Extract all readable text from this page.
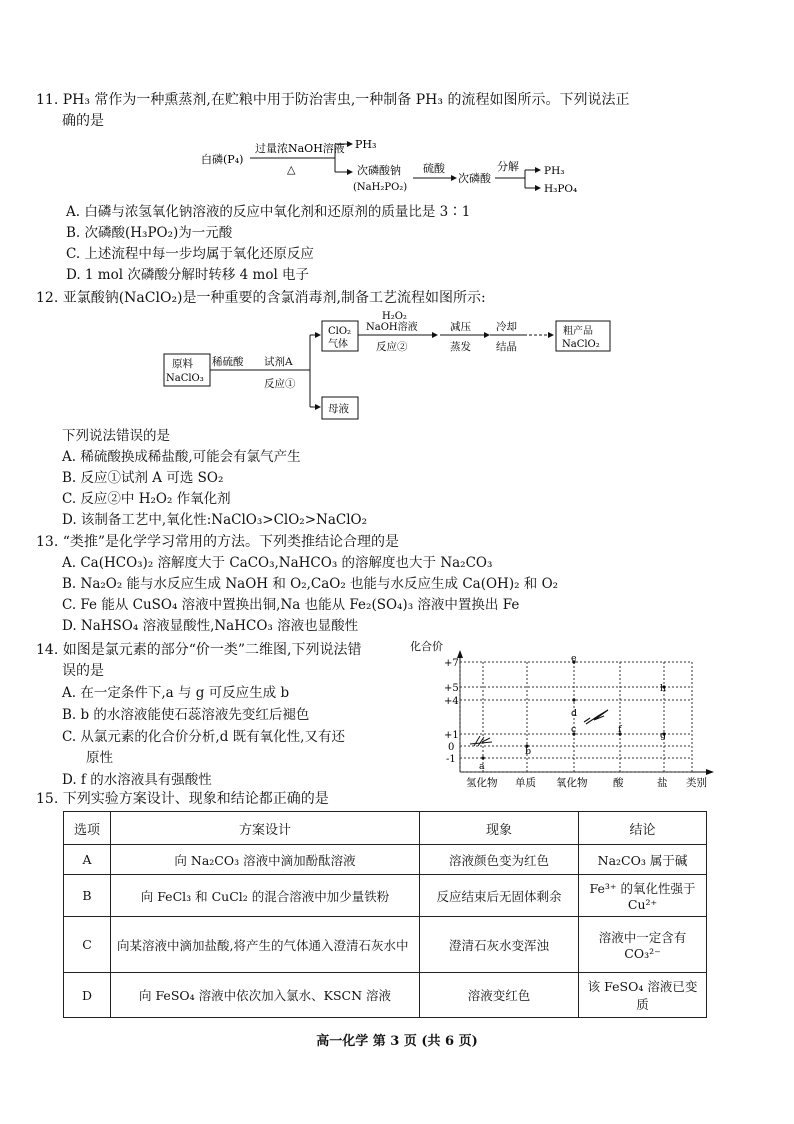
11. PH₃ 常作为一种熏蒸剂,在贮粮中用于防治害虫,一种制备 PH₃ 的流程如图所示。下列说法正
确的是
白磷(P₄)
过量浓NaOH溶液
△
PH₃
次磷酸钠
(NaH₂PO₂)
硫酸
次磷酸
分解 PH₃
H₃PO₄
A. 白磷与浓氢氧化钠溶液的反应中氧化剂和还原剂的质量比是 3∶1
B. 次磷酸(H₃PO₂)为一元酸
C. 上述流程中每一步均属于氧化还原反应
D. 1 mol 次磷酸分解时转移 4 mol 电子
12. 亚氯酸钠(NaClO₂)是一种重要的含氯消毒剂,制备工艺流程如图所示:
原料
NaClO₃
稀硫酸 试剂A
反应①
ClO₂
气体
H₂O₂
NaOH溶液
反应②
减压
蒸发
冷却
结晶
粗产品
NaClO₂
母液
下列说法错误的是
A. 稀硫酸换成稀盐酸,可能会有氯气产生
B. 反应①试剂 A 可选 SO₂
C. 反应②中 H₂O₂ 作氧化剂
D. 该制备工艺中,氧化性:NaClO₃>ClO₂>NaClO₂
13. “类推”是化学学习常用的方法。下列类推结论合理的是
A. Ca(HCO₃)₂ 溶解度大于 CaCO₃,NaHCO₃ 的溶解度也大于 Na₂CO₃
B. Na₂O₂ 能与水反应生成 NaOH 和 O₂,CaO₂ 也能与水反应生成 Ca(OH)₂ 和 O₂
C. Fe 能从 CuSO₄ 溶液中置换出铜,Na 也能从 Fe₂(SO₄)₃ 溶液中置换出 Fe
D. NaHSO₄ 溶液显酸性,NaHCO₃ 溶液也显酸性
14. 如图是氯元素的部分“价一类”二维图,下列说法错
误的是
A. 在一定条件下,a 与 g 可反应生成 b
B. b 的水溶液能使石蕊溶液先变红后褪色
C. 从氯元素的化合价分析,d 既有氧化性,又有还
原性
D. f 的水溶液具有强酸性
化合价
+7
+5
+4
+1
0
-1
氢化物 单质 氧化物 酸	盐 类别
a
b
c
d
e
f
g
h
15. 下列实验方案设计、现象和结论都正确的是
选项	方案设计	现象	结论
A	向 Na₂CO₃ 溶液中滴加酚酞溶液	溶液颜色变为红色	Na₂CO₃ 属于碱
B	向 FeCl₃ 和 CuCl₂ 的混合溶液中加少量铁粉	反应结束后无固体剩余	Fe³⁺ 的氧化性强于 Cu²⁺
C	向某溶液中滴加盐酸,将产生的气体通入澄清石灰水中	澄清石灰水变浑浊	溶液中一定含有 CO₃²⁻
D	向 FeSO₄ 溶液中依次加入氯水、KSCN 溶液	溶液变红色	该 FeSO₄ 溶液已变质
高一化学 第 3 页 (共 6 页)
